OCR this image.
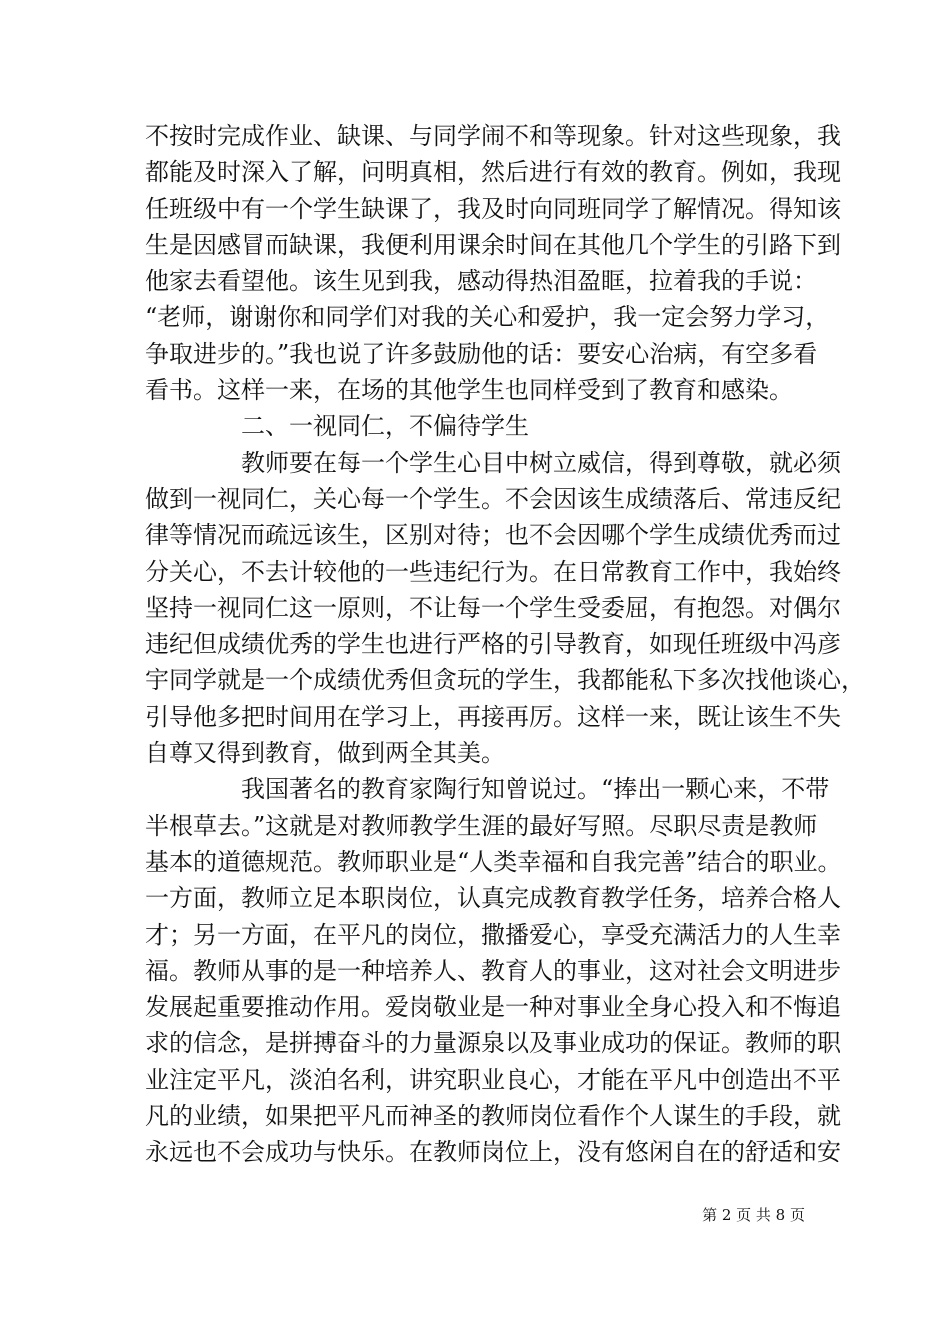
不按时完成作业、缺课、与同学闹不和等现象。针对这些现象，我
都能及时深入了解，问明真相，然后进行有效的教育。例如，我现
任班级中有一个学生缺课了，我及时向同班同学了解情况。得知该
生是因感冒而缺课，我便利用课余时间在其他几个学生的引路下到
他家去看望他。该生见到我，感动得热泪盈眶，拉着我的手说：
“老师，谢谢你和同学们对我的关心和爱护，我一定会努力学习，
争取进步的。”我也说了许多鼓励他的话：要安心治病，有空多看
看书。这样一来，在场的其他学生也同样受到了教育和感染。
二、一视同仁，不偏待学生
教师要在每一个学生心目中树立威信，得到尊敬，就必须
做到一视同仁，关心每一个学生。不会因该生成绩落后、常违反纪
律等情况而疏远该生，区别对待；也不会因哪个学生成绩优秀而过
分关心，不去计较他的一些违纪行为。在日常教育工作中，我始终
坚持一视同仁这一原则，不让每一个学生受委屈，有抱怨。对偶尔
违纪但成绩优秀的学生也进行严格的引导教育，如现任班级中冯彦
宇同学就是一个成绩优秀但贪玩的学生，我都能私下多次找他谈心，
引导他多把时间用在学习上，再接再厉。这样一来，既让该生不失
自尊又得到教育，做到两全其美。
我国著名的教育家陶行知曾说过。“捧出一颗心来，不带
半根草去。”这就是对教师教学生涯的最好写照。尽职尽责是教师
基本的道德规范。教师职业是“人类幸福和自我完善”结合的职业。
一方面，教师立足本职岗位，认真完成教育教学任务，培养合格人
才；另一方面，在平凡的岗位，撒播爱心，享受充满活力的人生幸
福。教师从事的是一种培养人、教育人的事业，这对社会文明进步
发展起重要推动作用。爱岗敬业是一种对事业全身心投入和不悔追
求的信念，是拼搏奋斗的力量源泉以及事业成功的保证。教师的职
业注定平凡，淡泊名利，讲究职业良心，才能在平凡中创造出不平
凡的业绩，如果把平凡而神圣的教师岗位看作个人谋生的手段，就
永远也不会成功与快乐。在教师岗位上，没有悠闲自在的舒适和安
第 2 页 共 8 页
